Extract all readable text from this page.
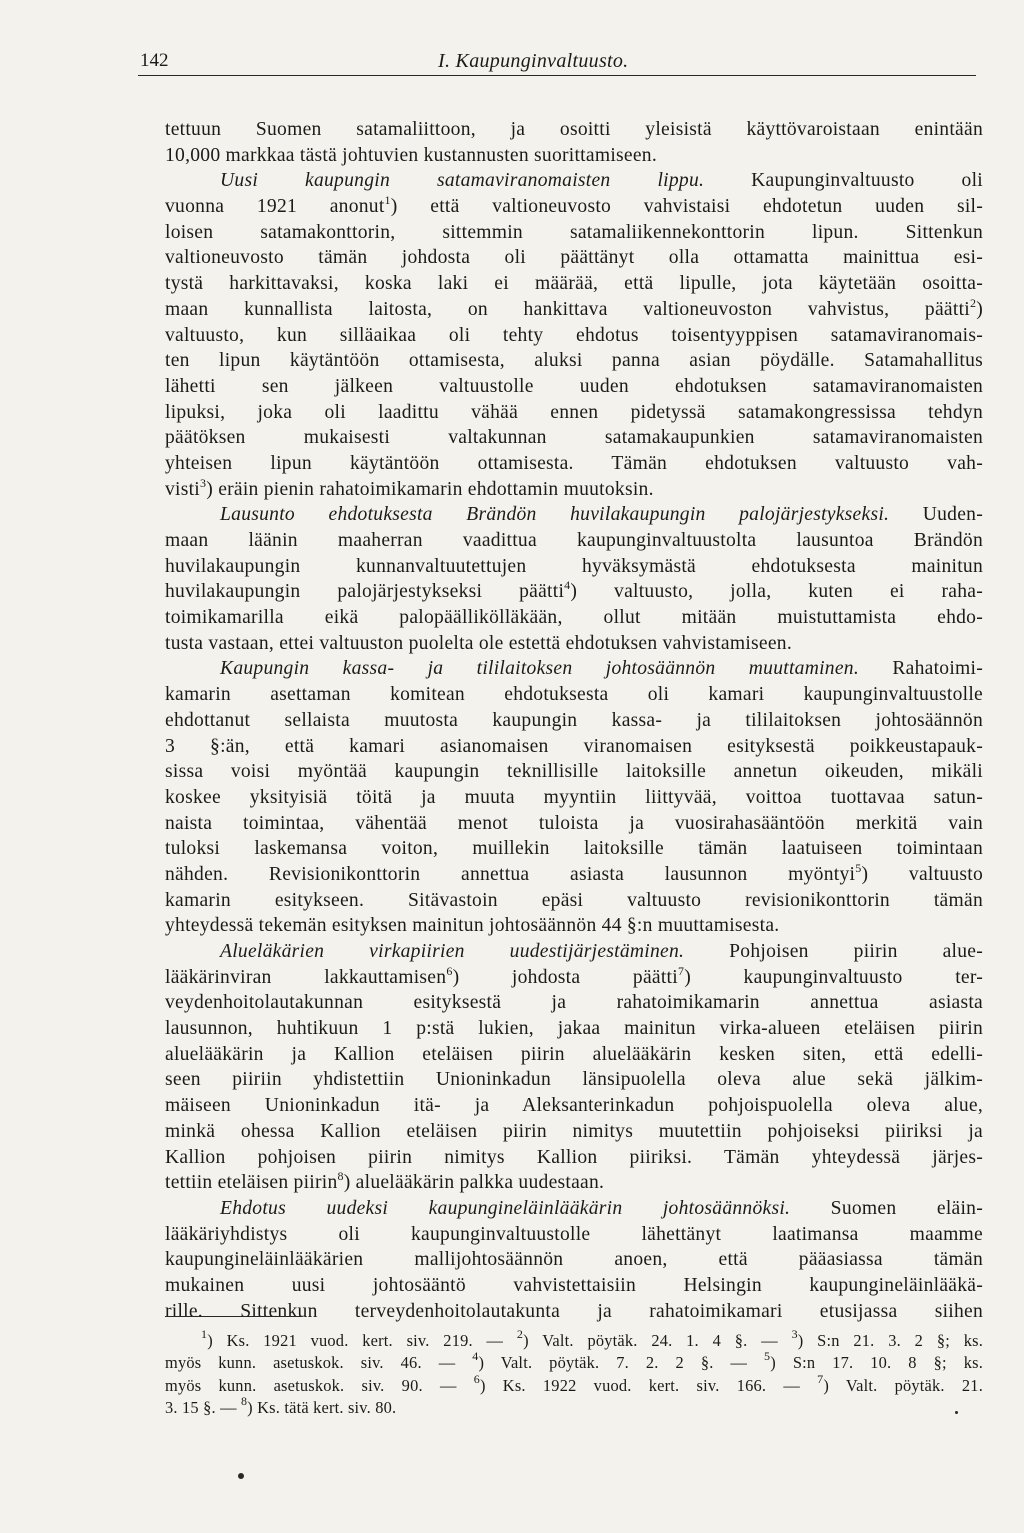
142	I. Kaupunginvaltuusto.
tettuun Suomen satamaliittoon, ja osoitti yleisistä käyttövaroistaan enintään
10,000 markkaa tästä johtuvien kustannusten suorittamiseen.
Uusi kaupungin satamaviranomaisten lippu. Kaupunginvaltuusto oli
vuonna 1921 anonut$^1$) että valtioneuvosto vahvistaisi ehdotetun uuden sil-
loisen satamakonttorin, sittemmin satamaliikennekonttorin lipun. Sittenkun
valtioneuvosto tämän johdosta oli päättänyt olla ottamatta mainittua esi-
tystä harkittavaksi, koska laki ei määrää, että lipulle, jota käytetään osoitta-
maan kunnallista laitosta, on hankittava valtioneuvoston vahvistus, päätti$^2$)
valtuusto, kun silläaikaa oli tehty ehdotus toisentyyppisen satamaviranomais-
ten lipun käytäntöön ottamisesta, aluksi panna asian pöydälle. Satamahallitus
lähetti sen jälkeen valtuustolle uuden ehdotuksen satamaviranomaisten
lipuksi, joka oli laadittu vähää ennen pidetyssä satamakongressissa tehdyn
päätöksen mukaisesti valtakunnan satamakaupunkien satamaviranomaisten
yhteisen lipun käytäntöön ottamisesta. Tämän ehdotuksen valtuusto vah-
visti$^3$) eräin pienin rahatoimikamarin ehdottamin muutoksin.
Lausunto ehdotuksesta Brändön huvilakaupungin palojärjestykseksi. Uuden-
maan läänin maaherran vaadittua kaupunginvaltuustolta lausuntoa Brändön
huvilakaupungin kunnanvaltuutettujen hyväksymästä ehdotuksesta mainitun
huvilakaupungin palojärjestykseksi päätti$^4$) valtuusto, jolla, kuten ei raha-
toimikamarilla eikä palopäällikölläkään, ollut mitään muistuttamista ehdo-
tusta vastaan, ettei valtuuston puolelta ole estettä ehdotuksen vahvistamiseen.
Kaupungin kassa- ja tililaitoksen johtosäännön muuttaminen. Rahatoimi-
kamarin asettaman komitean ehdotuksesta oli kamari kaupunginvaltuustolle
ehdottanut sellaista muutosta kaupungin kassa- ja tililaitoksen johtosäännön
3 §:än, että kamari asianomaisen viranomaisen esityksestä poikkeustapauk-
sissa voisi myöntää kaupungin teknillisille laitoksille annetun oikeuden, mikäli
koskee yksityisiä töitä ja muuta myyntiin liittyvää, voittoa tuottavaa satun-
naista toimintaa, vähentää menot tuloista ja vuosirahasääntöön merkitä vain
tuloksi laskemansa voiton, muillekin laitoksille tämän laatuiseen toimintaan
nähden. Revisionikonttorin annettua asiasta lausunnon myöntyi$^5$) valtuusto
kamarin esitykseen. Sitävastoin epäsi valtuusto revisionikonttorin tämän
yhteydessä tekemän esityksen mainitun johtosäännön 44 §:n muuttamisesta.
Alueläkärien virkapiirien uudestijärjestäminen. Pohjoisen piirin alue-
lääkärinviran lakkauttamisen$^6$) johdosta päätti$^7$) kaupunginvaltuusto ter-
veydenhoitolautakunnan esityksestä ja rahatoimikamarin annettua asiasta
lausunnon, huhtikuun 1 p:stä lukien, jakaa mainitun virka-alueen eteläisen piirin
aluelääkärin ja Kallion eteläisen piirin aluelääkärin kesken siten, että edelli-
seen piiriin yhdistettiin Unioninkadun länsipuolella oleva alue sekä jälkim-
mäiseen Unioninkadun itä- ja Aleksanterinkadun pohjoispuolella oleva alue,
minkä ohessa Kallion eteläisen piirin nimitys muutettiin pohjoiseksi piiriksi ja
Kallion pohjoisen piirin nimitys Kallion piiriksi. Tämän yhteydessä järjes-
tettiin eteläisen piirin$^8$) aluelääkärin palkka uudestaan.
Ehdotus uudeksi kaupungineläinlääkärin johtosäännöksi. Suomen eläin-
lääkäriyhdistys oli kaupunginvaltuustolle lähettänyt laatimansa maamme
kaupungineläinlääkärien mallijohtosäännön anoen, että pääasiassa tämän
mukainen uusi johtosääntö vahvistettaisiin Helsingin kaupungineläinlääkä-
rille. Sittenkun terveydenhoitolautakunta ja rahatoimikamari etusijassa siihen
$^1$) Ks. 1921 vuod. kert. siv. 219. — $^2$) Valt. pöytäk. 24. 1. 4 §. — $^3$) S:n 21. 3. 2 §; ks.
myös kunn. asetuskok. siv. 46. — $^4$) Valt. pöytäk. 7. 2. 2 §. — $^5$) S:n 17. 10. 8 §; ks.
myös kunn. asetuskok. siv. 90. — $^6$) Ks. 1922 vuod. kert. siv. 166. — $^7$) Valt. pöytäk. 21.
3. 15 §. — $^8$) Ks. tätä kert. siv. 80.
